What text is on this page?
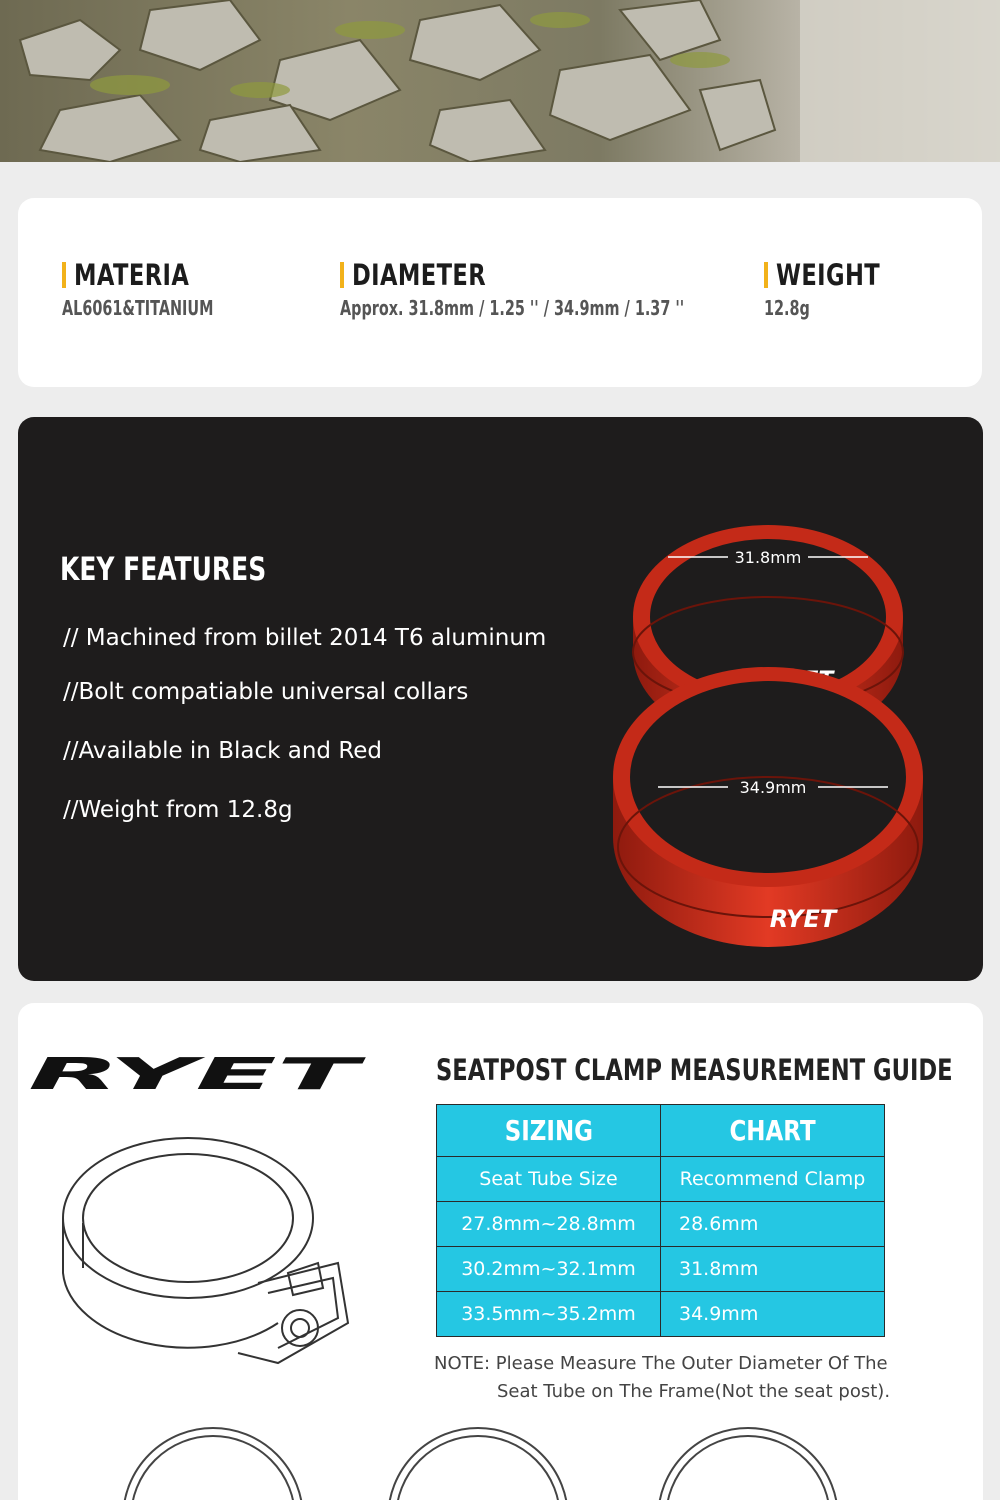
MATERIA
AL6061&TITANIUM
DIAMETER
Approx. 31.8mm / 1.25 '' / 34.9mm / 1.37 ''
WEIGHT
12.8g
KEY FEATURES
// Machined from billet 2014 T6 aluminum
//Bolt compatiable universal collars
//Available in Black and Red
//Weight from 12.8g
31.8mm
34.9mm
RYET
RYET SEATPOST CLAMP MEASUREMENT GUIDE
SIZING	CHART
Seat Tube Size	Recommend Clamp
27.8mm~28.8mm	28.6mm
30.2mm~32.1mm	31.8mm
33.5mm~35.2mm	34.9mm
NOTE: Please Measure The Outer Diameter Of The
Seat Tube on The Frame(Not the seat post).
